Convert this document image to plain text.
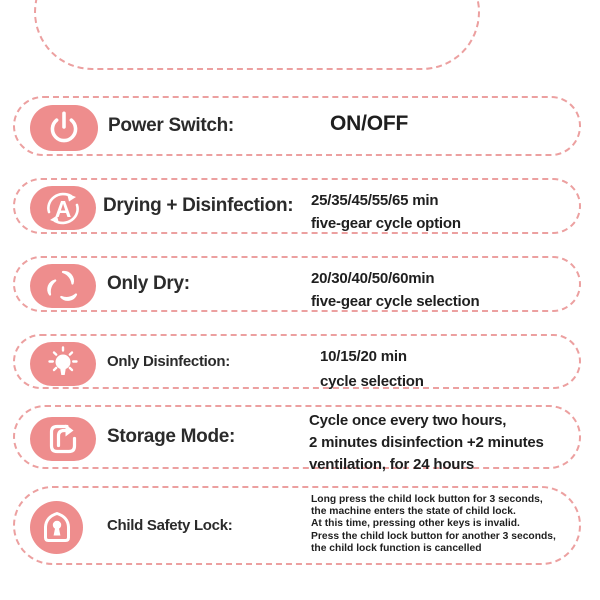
Power Switch:	ON/OFF
A Drying + Disinfection: 25/35/45/55/65 min
five-gear cycle option
Only Dry:	20/30/40/50/60min
five-gear cycle selection
Only Disinfection:	10/15/20 min
cycle selection
Storage Mode:
Cycle once every two hours,
2 minutes disinfection +2 minutes
ventilation, for 24 hours
Child Safety Lock:
Long press the child lock button for 3 seconds,
the machine enters the state of child lock.
At this time, pressing other keys is invalid.
Press the child lock button for another 3 seconds,
the child lock function is cancelled
